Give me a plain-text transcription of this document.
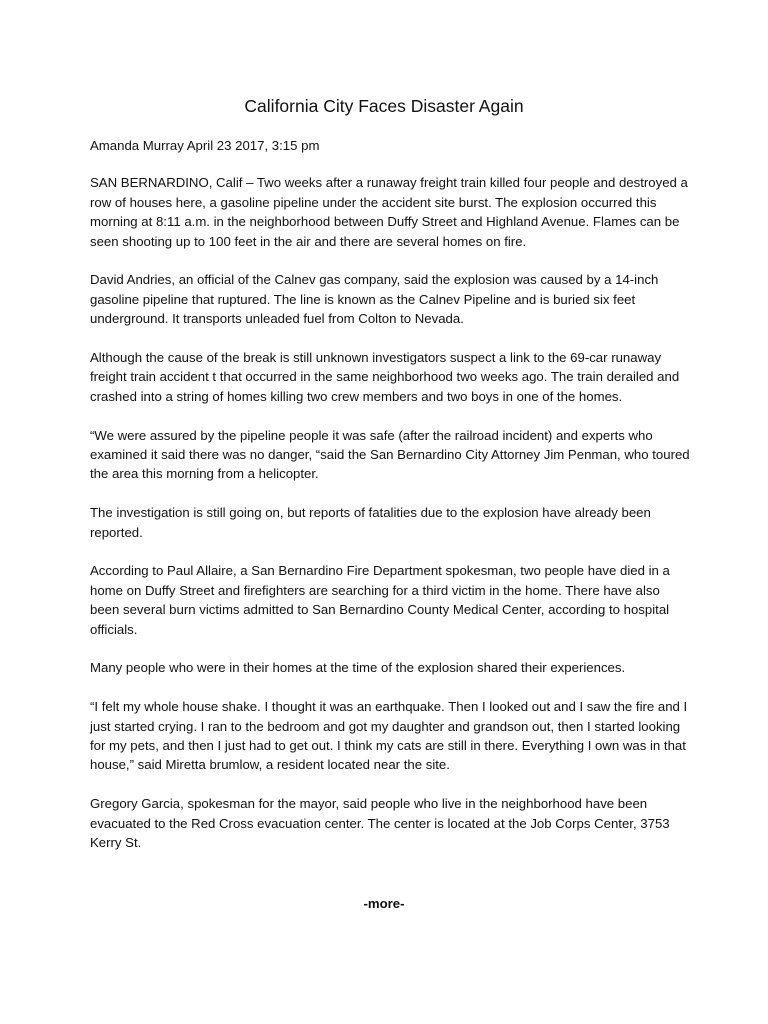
California City Faces Disaster Again

Amanda Murray April 23 2017, 3:15 pm

SAN BERNARDINO, Calif – Two weeks after a runaway freight train killed four people and destroyed a row of houses here, a gasoline pipeline under the accident site burst. The explosion occurred this morning at 8:11 a.m. in the neighborhood between Duffy Street and Highland Avenue. Flames can be seen shooting up to 100 feet in the air and there are several homes on fire.

David Andries, an official of the Calnev gas company, said the explosion was caused by a 14-inch gasoline pipeline that ruptured. The line is known as the Calnev Pipeline and is buried six feet underground. It transports unleaded fuel from Colton to Nevada.

Although the cause of the break is still unknown investigators suspect a link to the 69-car runaway freight train accident t that occurred in the same neighborhood two weeks ago. The train derailed and crashed into a string of homes killing two crew members and two boys in one of the homes.

“We were assured by the pipeline people it was safe (after the railroad incident) and experts who examined it said there was no danger, “said the San Bernardino City Attorney Jim Penman, who toured the area this morning from a helicopter.

The investigation is still going on, but reports of fatalities due to the explosion have already been reported.

According to Paul Allaire, a San Bernardino Fire Department spokesman, two people have died in a home on Duffy Street and firefighters are searching for a third victim in the home. There have also been several burn victims admitted to San Bernardino County Medical Center, according to hospital officials.

Many people who were in their homes at the time of the explosion shared their experiences.

“I felt my whole house shake. I thought it was an earthquake. Then I looked out and I saw the fire and I just started crying. I ran to the bedroom and got my daughter and grandson out, then I started looking for my pets, and then I just had to get out. I think my cats are still in there. Everything I own was in that house,” said Miretta brumlow, a resident located near the site.

Gregory Garcia, spokesman for the mayor, said people who live in the neighborhood have been evacuated to the Red Cross evacuation center. The center is located at the Job Corps Center, 3753 Kerry St.

-more-
